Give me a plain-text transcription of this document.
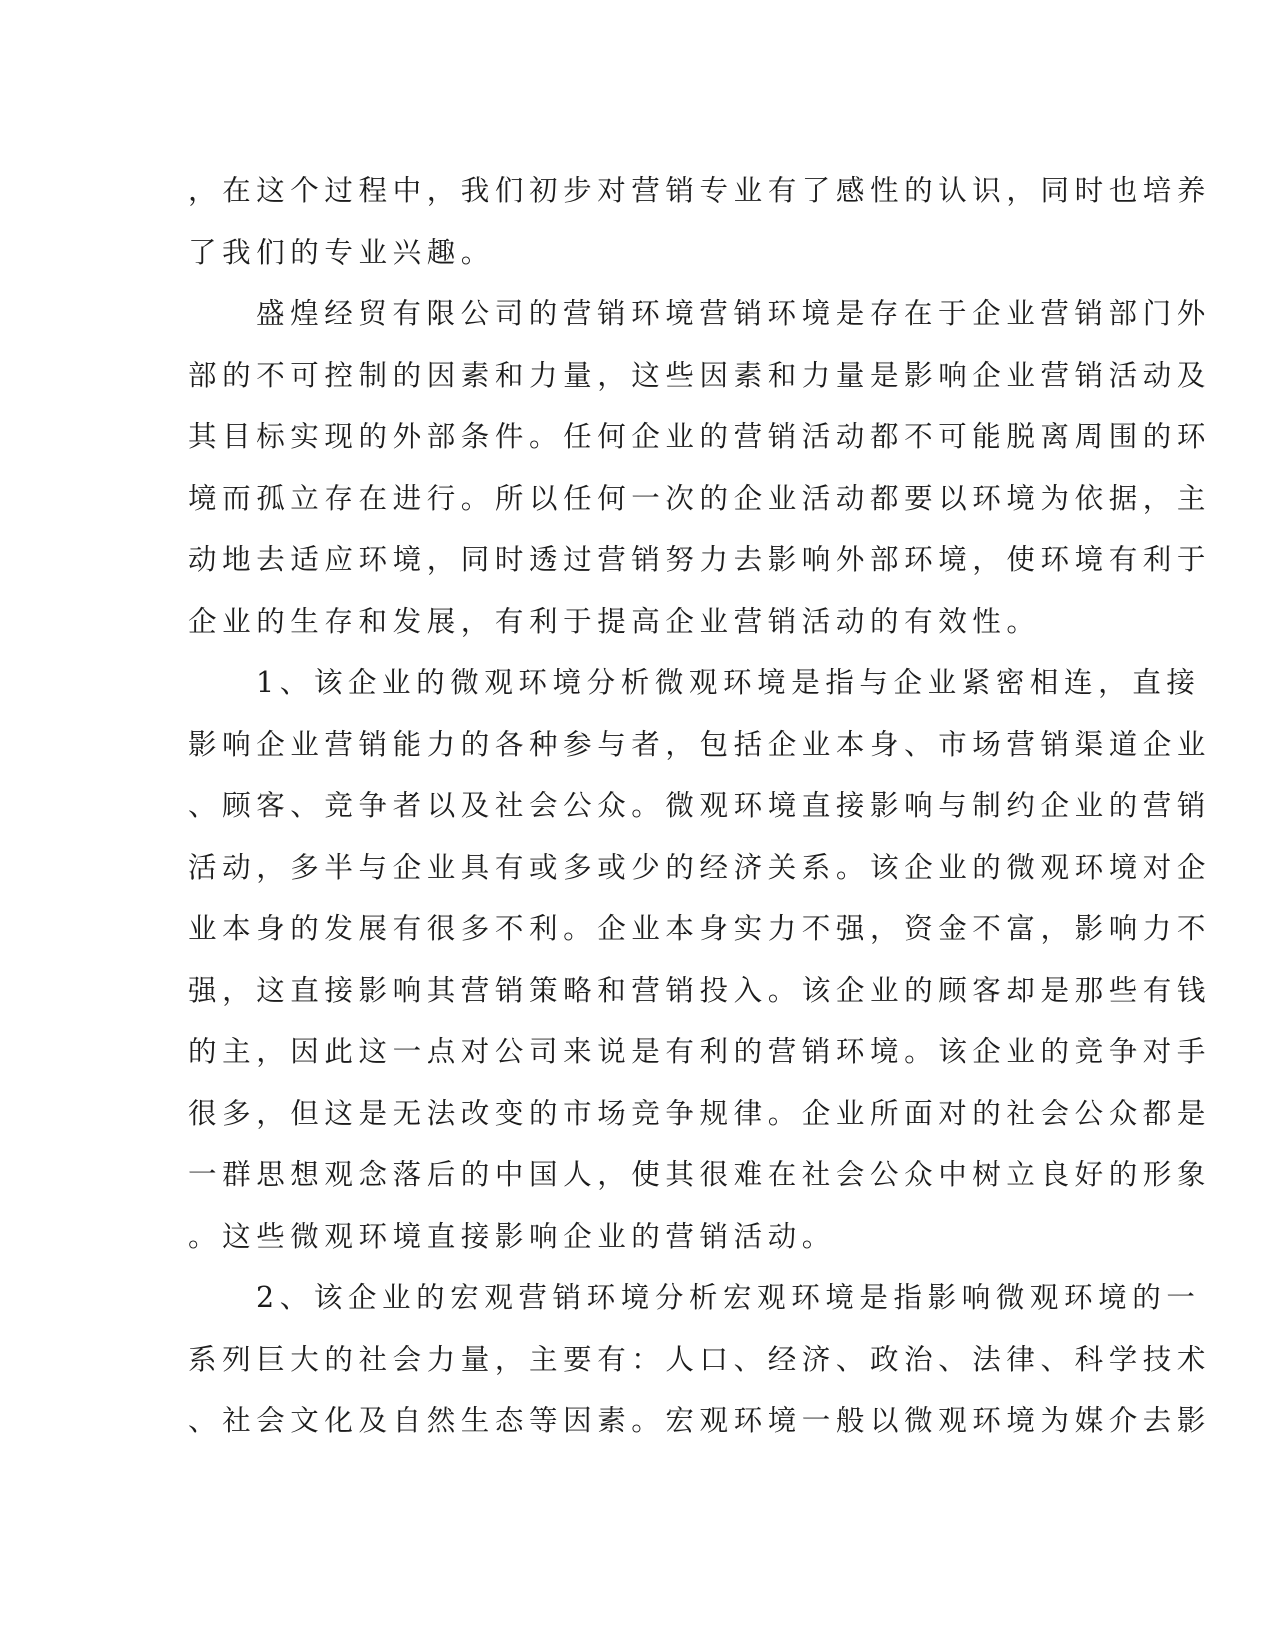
，在这个过程中，我们初步对营销专业有了感性的认识，同时也培养
了我们的专业兴趣。
盛煌经贸有限公司的营销环境营销环境是存在于企业营销部门外
部的不可控制的因素和力量，这些因素和力量是影响企业营销活动及
其目标实现的外部条件。任何企业的营销活动都不可能脱离周围的环
境而孤立存在进行。所以任何一次的企业活动都要以环境为依据，主
动地去适应环境，同时透过营销努力去影响外部环境，使环境有利于
企业的生存和发展，有利于提高企业营销活动的有效性。
1、该企业的微观环境分析微观环境是指与企业紧密相连，直接
影响企业营销能力的各种参与者，包括企业本身、市场营销渠道企业
、顾客、竞争者以及社会公众。微观环境直接影响与制约企业的营销
活动，多半与企业具有或多或少的经济关系。该企业的微观环境对企
业本身的发展有很多不利。企业本身实力不强，资金不富，影响力不
强，这直接影响其营销策略和营销投入。该企业的顾客却是那些有钱
的主，因此这一点对公司来说是有利的营销环境。该企业的竞争对手
很多，但这是无法改变的市场竞争规律。企业所面对的社会公众都是
一群思想观念落后的中国人，使其很难在社会公众中树立良好的形象
。这些微观环境直接影响企业的营销活动。
2、该企业的宏观营销环境分析宏观环境是指影响微观环境的一
系列巨大的社会力量，主要有：人口、经济、政治、法律、科学技术
、社会文化及自然生态等因素。宏观环境一般以微观环境为媒介去影
